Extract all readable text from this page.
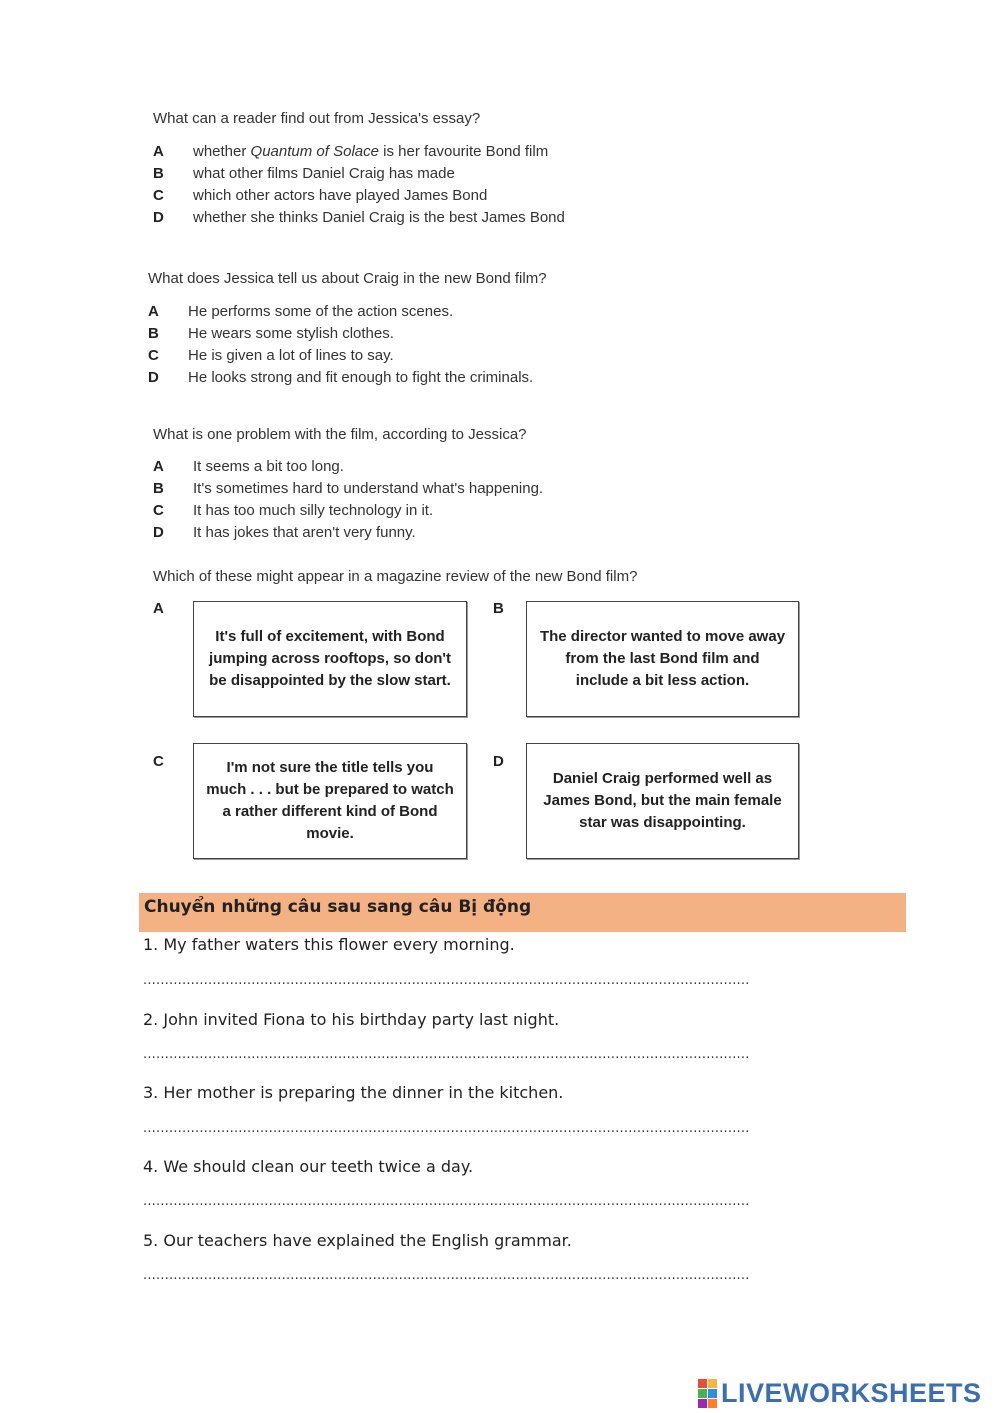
What can a reader find out from Jessica's essay?
A whether Quantum of Solace is her favourite Bond film
B what other films Daniel Craig has made
C which other actors have played James Bond
D whether she thinks Daniel Craig is the best James Bond
What does Jessica tell us about Craig in the new Bond film?
A He performs some of the action scenes.
B He wears some stylish clothes.
C He is given a lot of lines to say.
D He looks strong and fit enough to fight the criminals.
What is one problem with the film, according to Jessica?
A It seems a bit too long.
B It's sometimes hard to understand what's happening.
C It has too much silly technology in it.
D It has jokes that aren't very funny.
Which of these might appear in a magazine review of the new Bond film?
A
It's full of excitement, with Bond jumping across rooftops, so don't be disappointed by the slow start.
B
The director wanted to move away from the last Bond film and include a bit less action.
C	I'm not sure the title tells you much . . . but be prepared to watch a rather different kind of Bond movie.
D
Daniel Craig performed well as James Bond, but the main female star was disappointing.
Chuyển những câu sau sang câu Bị động
1. My father waters this flower every morning.
............................................................................................................................................
2. John invited Fiona to his birthday party last night.
............................................................................................................................................
3. Her mother is preparing the dinner in the kitchen.
............................................................................................................................................
4. We should clean our teeth twice a day.
............................................................................................................................................
5. Our teachers have explained the English grammar.
............................................................................................................................................
LIVEWORKSHEETS
